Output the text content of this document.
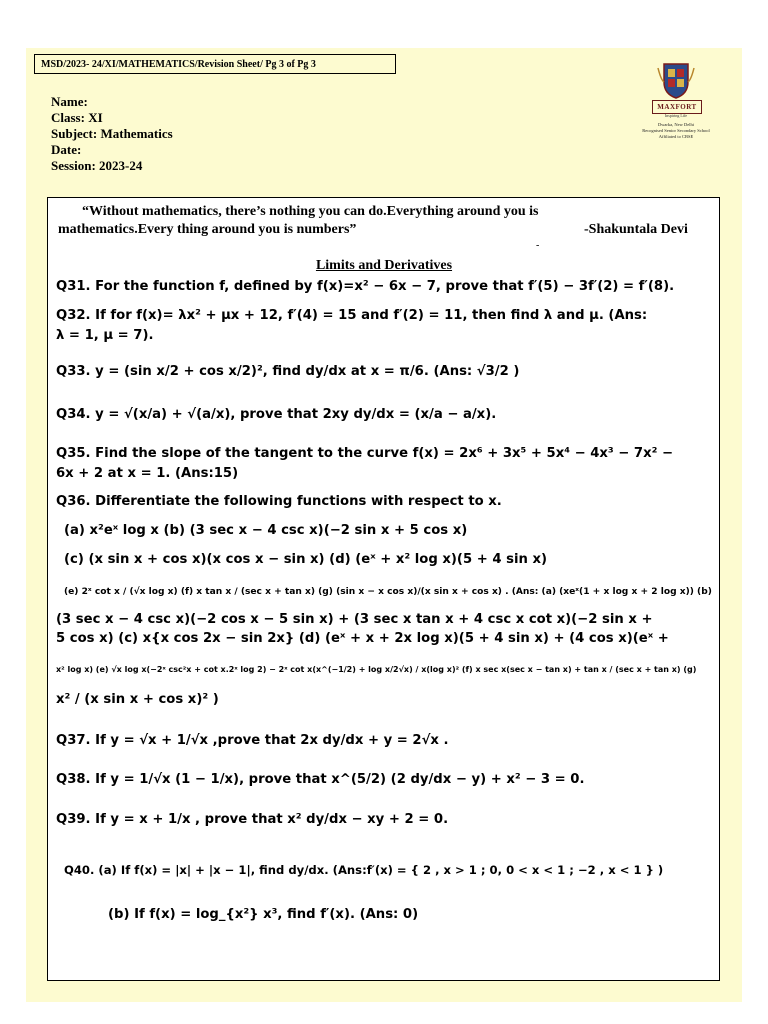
MSD/2023- 24/XI/MATHEMATICS/Revision Sheet/ Pg 3 of Pg 3
Name:
Class: XI
Subject: Mathematics
Date:
Session: 2023-24
MAXFORT
Inspiring Life
Dwarka, New Delhi
Recognised Senior Secondary School
Affiliated to CBSE
“Without mathematics, there’s nothing you can do.Everything around you is
mathematics.Every thing around you is numbers”	-Shakuntala Devi
-
Limits and Derivatives
Q31. For the function f, defined by f(x)=x² − 6x − 7, prove that f′(5) − 3f′(2) = f′(8).
Q32. If for f(x)= λx² + μx + 12, f′(4) = 15 and f′(2) = 11, then find λ and μ. (Ans:
λ = 1, μ = 7).
Q33. y = (sin x/2 + cos x/2)², find dy/dx at x = π/6. (Ans: √3/2 )
Q34. y = √(x/a) + √(a/x), prove that 2xy dy/dx = (x/a − a/x).
Q35. Find the slope of the tangent to the curve f(x) = 2x⁶ + 3x⁵ + 5x⁴ − 4x³ − 7x² −
6x + 2 at x = 1. (Ans:15)
Q36. Differentiate the following functions with respect to x.
(a) x²eˣ log x (b) (3 sec x − 4 csc x)(−2 sin x + 5 cos x)
(c) (x sin x + cos x)(x cos x − sin x) (d) (eˣ + x² log x)(5 + 4 sin x)
(e) 2ˣ cot x / (√x log x) (f) x tan x / (sec x + tan x) (g) (sin x − x cos x)/(x sin x + cos x) . (Ans: (a) (xeˣ(1 + x log x + 2 log x)) (b)
(3 sec x − 4 csc x)(−2 cos x − 5 sin x) + (3 sec x tan x + 4 csc x cot x)(−2 sin x +
5 cos x) (c) x{x cos 2x − sin 2x} (d) (eˣ + x + 2x log x)(5 + 4 sin x) + (4 cos x)(eˣ +
x² log x) (e) √x log x(−2ˣ csc²x + cot x.2ˣ log 2) − 2ˣ cot x(x^(−1/2) + log x/2√x) / x(log x)² (f) x sec x(sec x − tan x) + tan x / (sec x + tan x) (g)
x² / (x sin x + cos x)² )
Q37. If y = √x + 1/√x ,prove that 2x dy/dx + y = 2√x .
Q38. If y = 1/√x (1 − 1/x), prove that x^(5/2) (2 dy/dx − y) + x² − 3 = 0.
Q39. If y = x + 1/x , prove that x² dy/dx − xy + 2 = 0.
Q40. (a) If f(x) = |x| + |x − 1|, find dy/dx. (Ans:f′(x) = { 2 , x > 1 ; 0, 0 < x < 1 ; −2 , x < 1 } )
(b) If f(x) = log_{x²} x³, find f′(x). (Ans: 0)
